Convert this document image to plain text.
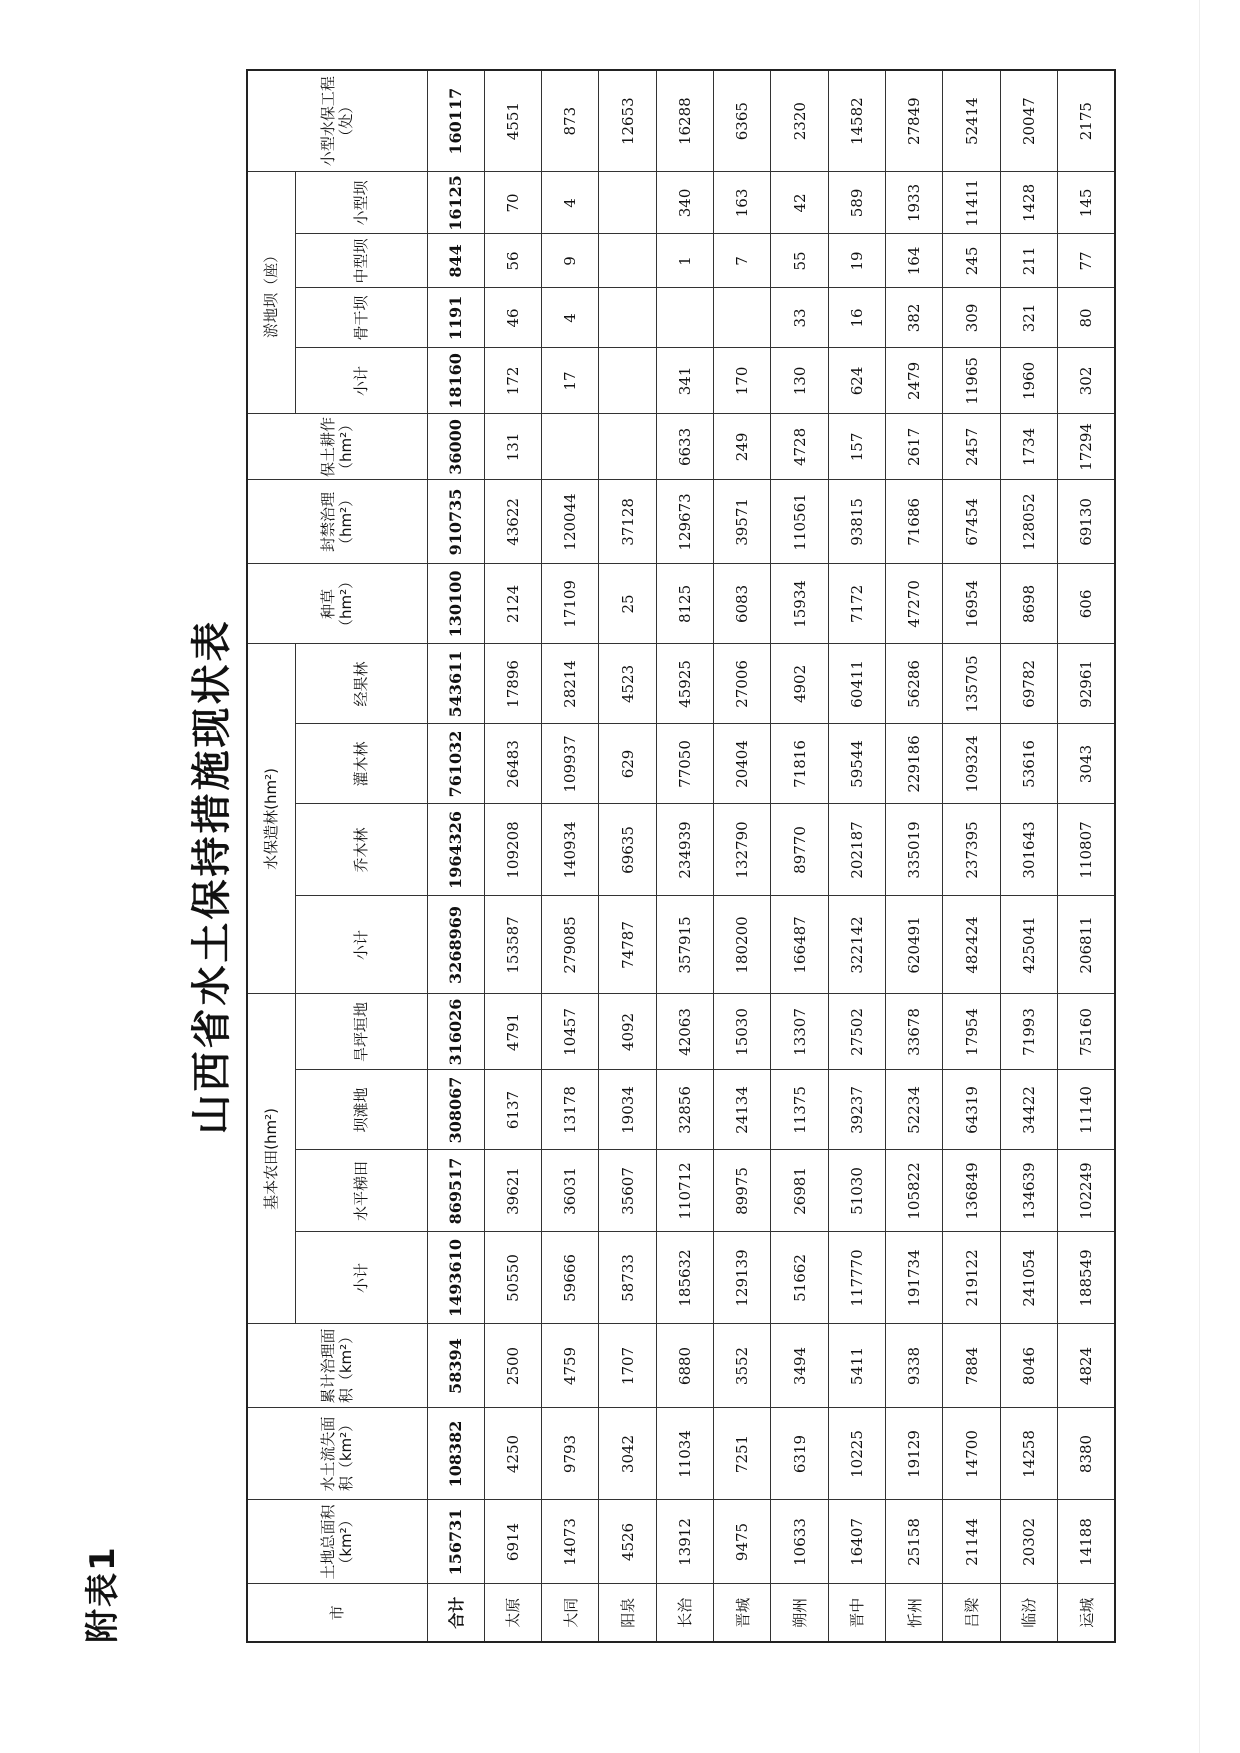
附表1
山西省水土保持措施现状表
市	土地总面积（km²）	水土流失面积（km²）	累计治理面积（km²）	基本农田(hm²)				水保造林(hm²)				种草（hm²）	封禁治理（hm²）	保土耕作（hm²）	淤地坝（座）				小型水保工程（处）
				小计	水平梯田	坝滩地	旱坪垣地	小计	乔木林	灌木林	经果林				小计	骨干坝	中型坝	小型坝	

合计	156731	108382	58394	1493610	869517	308067	316026	3268969	1964326	761032	543611	130100	910735	36000	18160	1191	844	16125	160117
太原	6914	4250	2500	50550	39621	6137	4791	153587	109208	26483	17896	2124	43622	131	172	46	56	70	4551
大同	14073	9793	4759	59666	36031	13178	10457	279085	140934	109937	28214	17109	120044		17	4	9	4	873
阳泉	4526	3042	1707	58733	35607	19034	4092	74787	69635	629	4523	25	37128						12653
长治	13912	11034	6880	185632	110712	32856	42063	357915	234939	77050	45925	8125	129673	6633	341		1	340	16288
晋城	9475	7251	3552	129139	89975	24134	15030	180200	132790	20404	27006	6083	39571	249	170		7	163	6365
朔州	10633	6319	3494	51662	26981	11375	13307	166487	89770	71816	4902	15934	110561	4728	130	33	55	42	2320
晋中	16407	10225	5411	117770	51030	39237	27502	322142	202187	59544	60411	7172	93815	157	624	16	19	589	14582
忻州	25158	19129	9338	191734	105822	52234	33678	620491	335019	229186	56286	47270	71686	2617	2479	382	164	1933	27849
吕梁	21144	14700	7884	219122	136849	64319	17954	482424	237395	109324	135705	16954	67454	2457	11965	309	245	11411	52414
临汾	20302	14258	8046	241054	134639	34422	71993	425041	301643	53616	69782	8698	128052	1734	1960	321	211	1428	20047
运城	14188	8380	4824	188549	102249	11140	75160	206811	110807	3043	92961	606	69130	17294	302	80	77	145	2175
